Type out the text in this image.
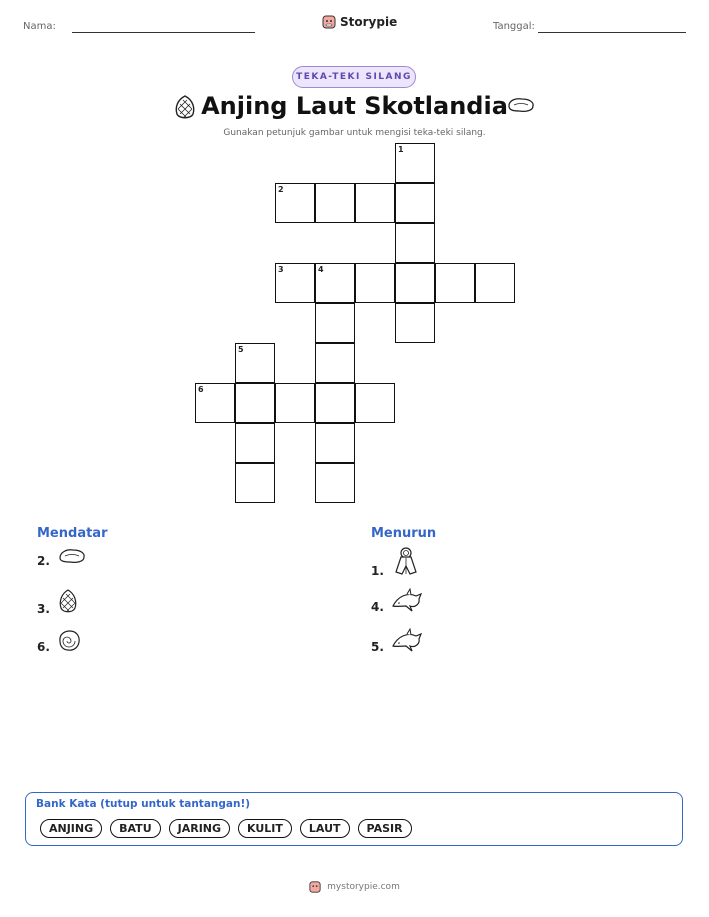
Nama:	Storypie	Tanggal:
TEKA-TEKI SILANG
Anjing Laut Skotlandia
Gunakan petunjuk gambar untuk mengisi teka-teki silang.
1
2
3	4
5
6
Mendatar
2.
3.
6.
Menurun
1.
4.
5.
Bank Kata (tutup untuk tantangan!)
ANJING	BATU	JARING	KULIT	LAUT	PASIR
mystorypie.com
